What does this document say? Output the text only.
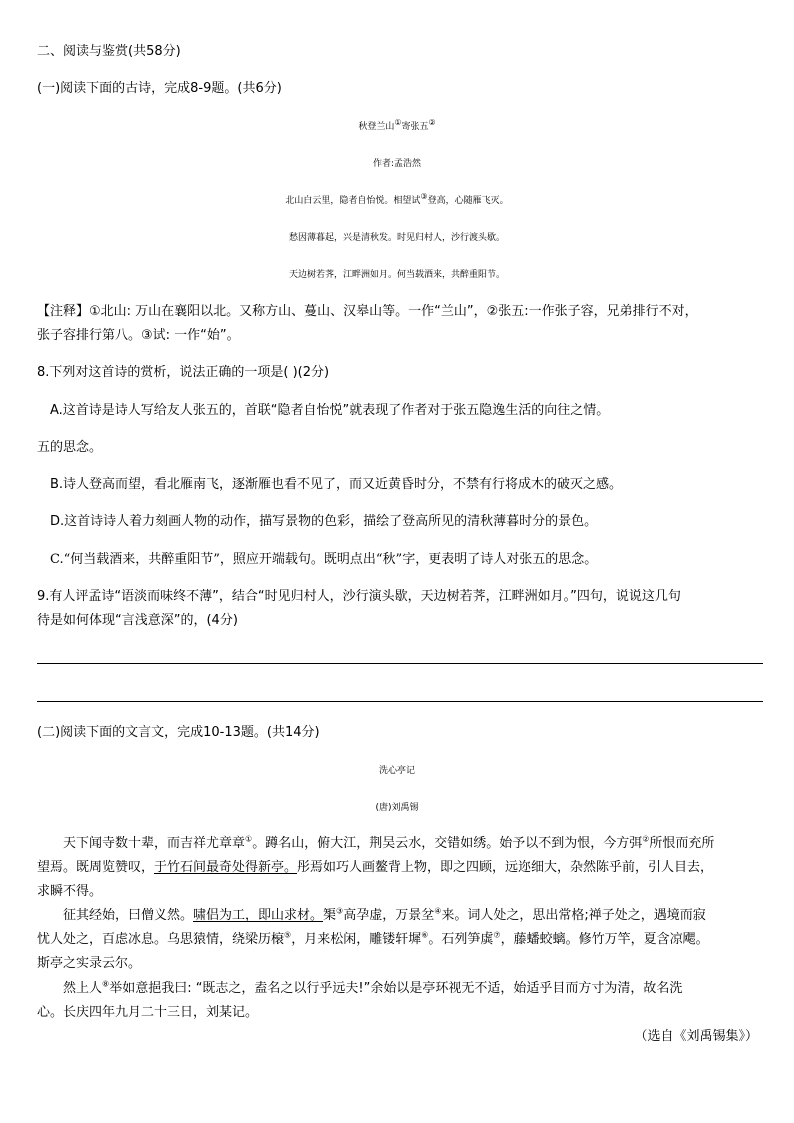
二、阅读与鉴赏(共58分)
(一)阅读下面的古诗，完成8-9题。(共6分)
秋登兰山①寄张五②
作者:孟浩然
北山白云里，隐者自怡悦。相望试③登高，心随雁飞灭。
愁因薄暮起，兴是清秋发。时见归村人，沙行渡头歇。
天边树若荠，江畔洲如月。何当载酒来，共醉重阳节。
【注释】①北山: 万山在襄阳以北。又称方山、蔓山、汉皋山等。一作“兰山”，②张五:一作张子容，兄弟排行不对，
张子容排行第八。③试: 一作“始”。
8.下列对这首诗的赏析，说法正确的一项是( )(2分)
A.这首诗是诗人写给友人张五的，首联“隐者自怡悦”就表现了作者对于张五隐逸生活的向往之情。
五的思念。
B.诗人登高而望，看北雁南飞，逐渐雁也看不见了，而又近黄昏时分，不禁有行将成木的破灭之感。
D.这首诗诗人着力刻画人物的动作，描写景物的色彩，描绘了登高所见的清秋薄暮时分的景色。
C.“何当载酒来，共醉重阳节”，照应开端载句。既明点出“秋”字，更表明了诗人对张五的思念。
9.有人评孟诗“语淡而味终不薄”，结合“时见归村人，沙行演头歇，天边树若荠，江畔洲如月。”四句，说说这几句
待是如何体现“言浅意深”的，(4分)
(二)阅读下面的文言文，完成10-13题。(共14分)
洗心亭记
(唐)刘禹锡
天下闻寺数十辈，而吉祥尤章章①。蹲名山，俯大江，荆吴云水，交错如绣。始予以不到为恨，今方弭②所恨而充所
望焉。既周览赞叹，于竹石间最奇处得新亭。彤焉如巧人画鳌背上物，即之四顾，远迩细大，杂然陈乎前，引人目去，
求瞬不得。
征其经始，曰僧义然。啸侣为工，即山求材。榘③高孕虚，万景坌④来。词人处之，思出常格;禅子处之，遇境而寂
忧人处之，百虑冰息。乌思猿情，绕梁历榱⑤，月来松闲，雕镂轩墀⑥。石列笋虡⑦，藤蟠蛟螭。修竹万竿，夏含凉飔。
斯亭之实录云尔。
然上人⑧举如意挹我曰: “既志之，盍名之以行乎远夫!”余始以是亭环视无不适，始适乎目而方寸为清，故名洗
心。长庆四年九月二十三日，刘某记。
（选自《刘禹锡集》）
